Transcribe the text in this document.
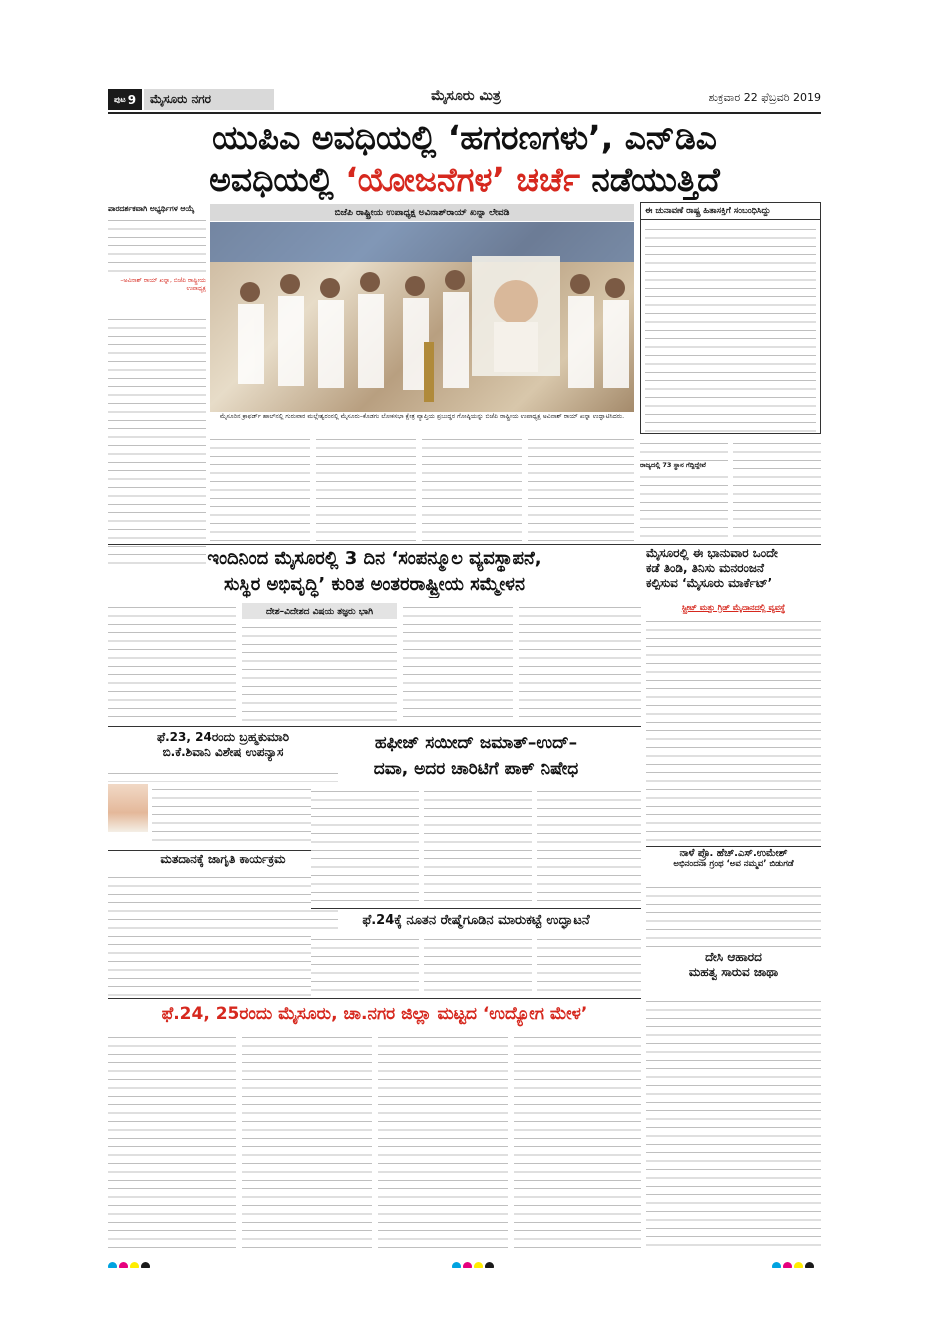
ಪುಟ 9	ಮೈಸೂರು ನಗರ	ಮೈಸೂರು ಮಿತ್ರ	ಶುಕ್ರವಾರ 22 ಫೆಬ್ರವರಿ 2019
ಯುಪಿಎ ಅವಧಿಯಲ್ಲಿ ‘ಹಗರಣಗಳು’, ಎನ್‌ಡಿಎ
ಅವಧಿಯಲ್ಲಿ ‘ಯೋಜನೆಗಳ’ ಚರ್ಚೆ ನಡೆಯುತ್ತಿದೆ
ಪಾರದರ್ಶಕವಾಗಿ ಅಭ್ಯರ್ಥಿಗಳ ಆಯ್ಕೆ
–ಅವಿನಾಶ್ ರಾಯ್ ಖನ್ನಾ, ಬಿಜೆಪಿ ರಾಷ್ಟ್ರೀಯ ಉಪಾಧ್ಯಕ್ಷ
ಬಿಜೆಪಿ ರಾಷ್ಟ್ರೀಯ ಉಪಾಧ್ಯಕ್ಷ ಅವಿನಾಶ್‌ರಾಯ್ ಖನ್ನಾ ಲೇವಡಿ
ಮೈಸೂರಿನ ಕ್ರಾಫರ್ಡ್ ಹಾಲ್‌ನಲ್ಲಿ ಗುರುವಾರ ಮಲ್ಲೇಶ್ವರಂನಲ್ಲಿ ಮೈಸೂರು–ಕೊಡಗು ಲೋಕಸಭಾ ಕ್ಷೇತ್ರ ವ್ಯಾಪ್ತಿಯ ಪ್ರಬುದ್ಧರ ಗೋಷ್ಠಿಯನ್ನು ಬಿಜೆಪಿ ರಾಷ್ಟ್ರೀಯ ಉಪಾಧ್ಯಕ್ಷ ಅವಿನಾಶ್ ರಾಯ್ ಖನ್ನಾ ಉದ್ಘಾಟಿಸಿದರು.
ಈ ಚುನಾವಣೆ ರಾಷ್ಟ್ರ ಹಿತಾಸಕ್ತಿಗೆ ಸಂಬಂಧಿಸಿದ್ದು
ರಾಜ್ಯದಲ್ಲಿ 73 ಸ್ಥಾನ ಗೆದ್ದಿದ್ದೇವೆ
ಇಂದಿನಿಂದ ಮೈಸೂರಲ್ಲಿ 3 ದಿನ ‘ಸಂಪನ್ಮೂಲ ವ್ಯವಸ್ಥಾಪನೆ,
ಸುಸ್ಥಿರ ಅಭಿವೃದ್ಧಿ’ ಕುರಿತ ಅಂತರರಾಷ್ಟ್ರೀಯ ಸಮ್ಮೇಳನ
ದೇಶ–ವಿದೇಶದ ವಿಷಯ ತಜ್ಞರು ಭಾಗಿ
ಮೈಸೂರಲ್ಲಿ ಈ ಭಾನುವಾರ ಒಂದೇ
ಕಡೆ ತಿಂಡಿ, ತಿನಿಸು ಮನರಂಜನೆ
ಕಲ್ಪಿಸುವ ‘ಮೈಸೂರು ಮಾರ್ಕೆಟ್’
ಸ್ಟ್ರೀಟ್ ಮತ್ತು ಗ್ರಿಡ್ ಮೈದಾನದಲ್ಲಿ ವ್ಯವಸ್ಥೆ
ಫೆ.23, 24ರಂದು ಬ್ರಹ್ಮಕುಮಾರಿ
ಬಿ.ಕೆ.ಶಿವಾನಿ ವಿಶೇಷ ಉಪನ್ಯಾಸ
ಮತದಾನಕ್ಕೆ ಜಾಗೃತಿ ಕಾರ್ಯಕ್ರಮ
ಹಫೀಜ್ ಸಯೀದ್ ಜಮಾತ್–ಉದ್–
ದವಾ, ಅದರ ಚಾರಿಟಿಗೆ ಪಾಕ್ ನಿಷೇಧ
ಫೆ.24ಕ್ಕೆ ನೂತನ ರೇಷ್ಮೆಗೂಡಿನ ಮಾರುಕಟ್ಟೆ ಉದ್ಘಾಟನೆ
ನಾಳೆ ಪ್ರೊ. ಹೆಚ್.ಎಸ್.ಉಮೇಶ್
ಅಭಿನಂದನಾ ಗ್ರಂಥ ‘ಅವ ನಮ್ಮವ’ ಬಿಡುಗಡೆ
ದೇಸಿ ಆಹಾರದ
ಮಹತ್ವ ಸಾರುವ ಜಾಥಾ
ಫೆ.24, 25ರಂದು ಮೈಸೂರು, ಚಾ.ನಗರ ಜಿಲ್ಲಾ ಮಟ್ಟದ ‘ಉದ್ಯೋಗ ಮೇಳ’
